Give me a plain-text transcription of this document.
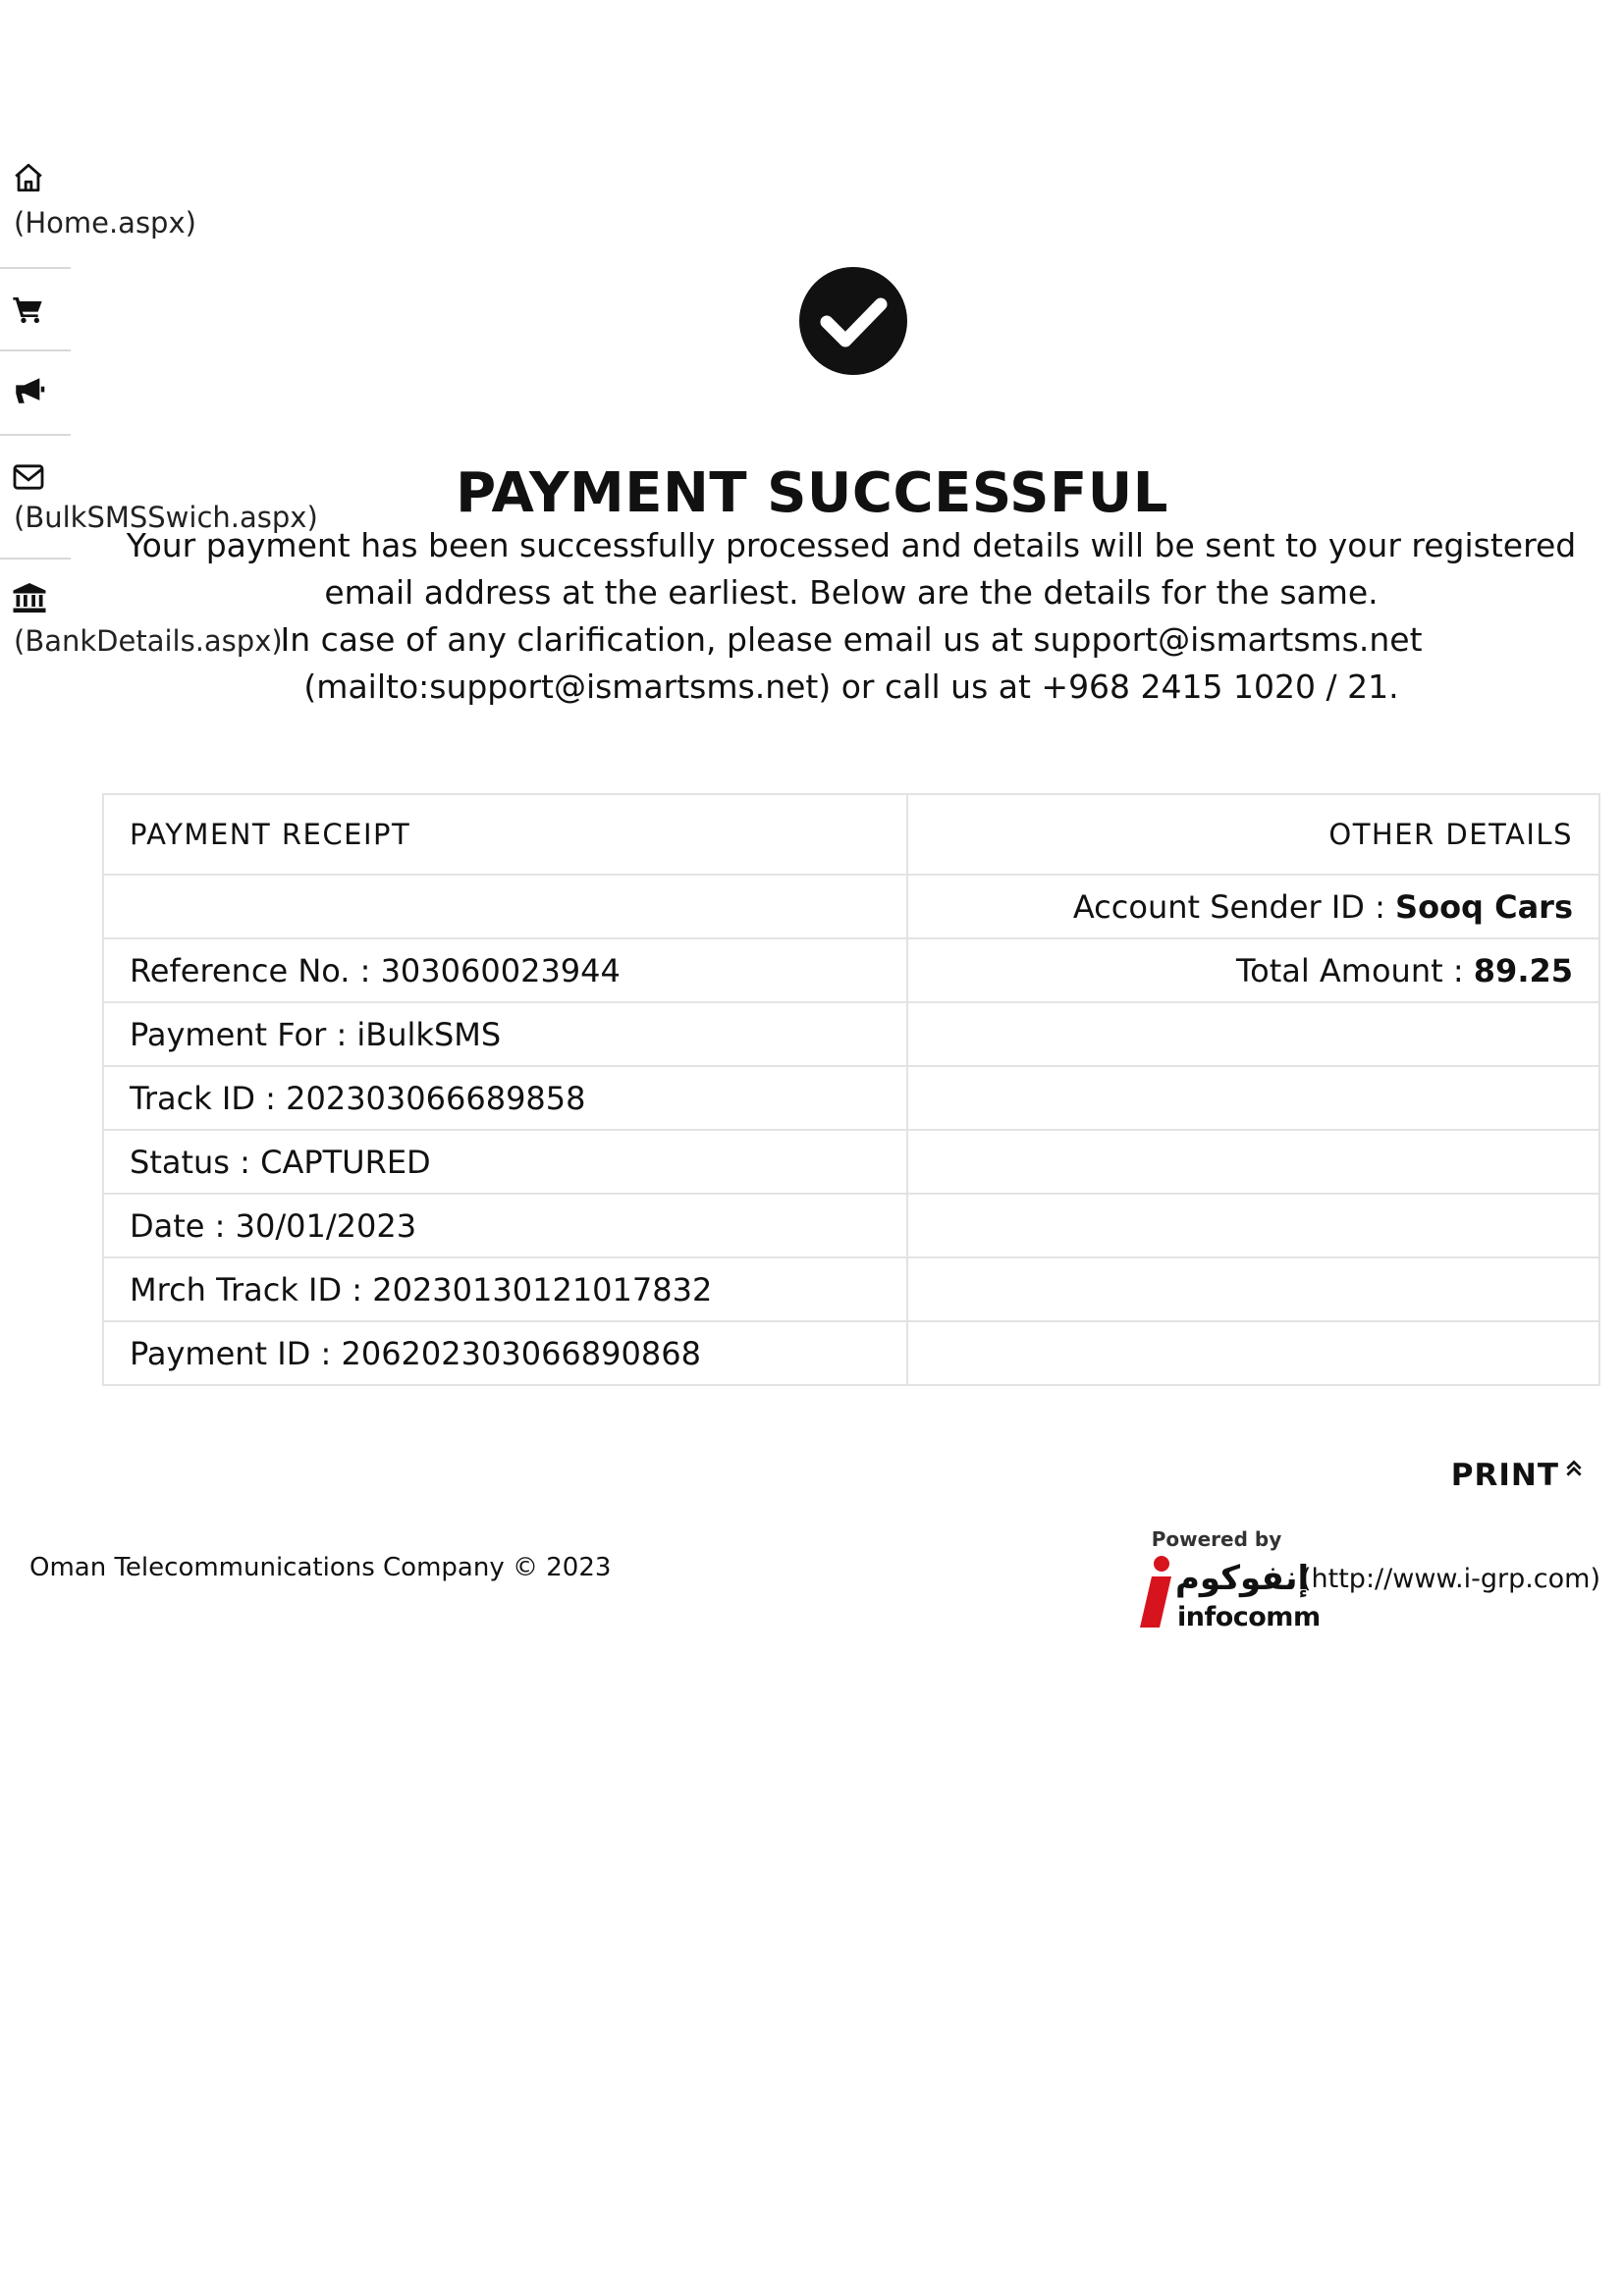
(Home.aspx)
(BulkSMSSwich.aspx)
(BankDetails.aspx)
PAYMENT SUCCESSFUL

Your payment has been successfully processed and details will be sent to your registered email address at the earliest. Below are the details for the same.

In case of any clarification, please email us at support@ismartsms.net (mailto:support@ismartsms.net) or call us at +968 2415 1020 / 21.

PAYMENT RECEIPT	OTHER DETAILS
	Account Sender ID : Sooq Cars
Reference No. : 303060023944	Total Amount : 89.25
Payment For : iBulkSMS	
Track ID : 202303066689858	
Status : CAPTURED	
Date : 30/01/2023	
Mrch Track ID : 20230130121017832	
Payment ID : 206202303066890868	
PRINT
Oman Telecommunications Company © 2023
Powered by
إنفوكوم
infocomm
(http://www.i-grp.com)
